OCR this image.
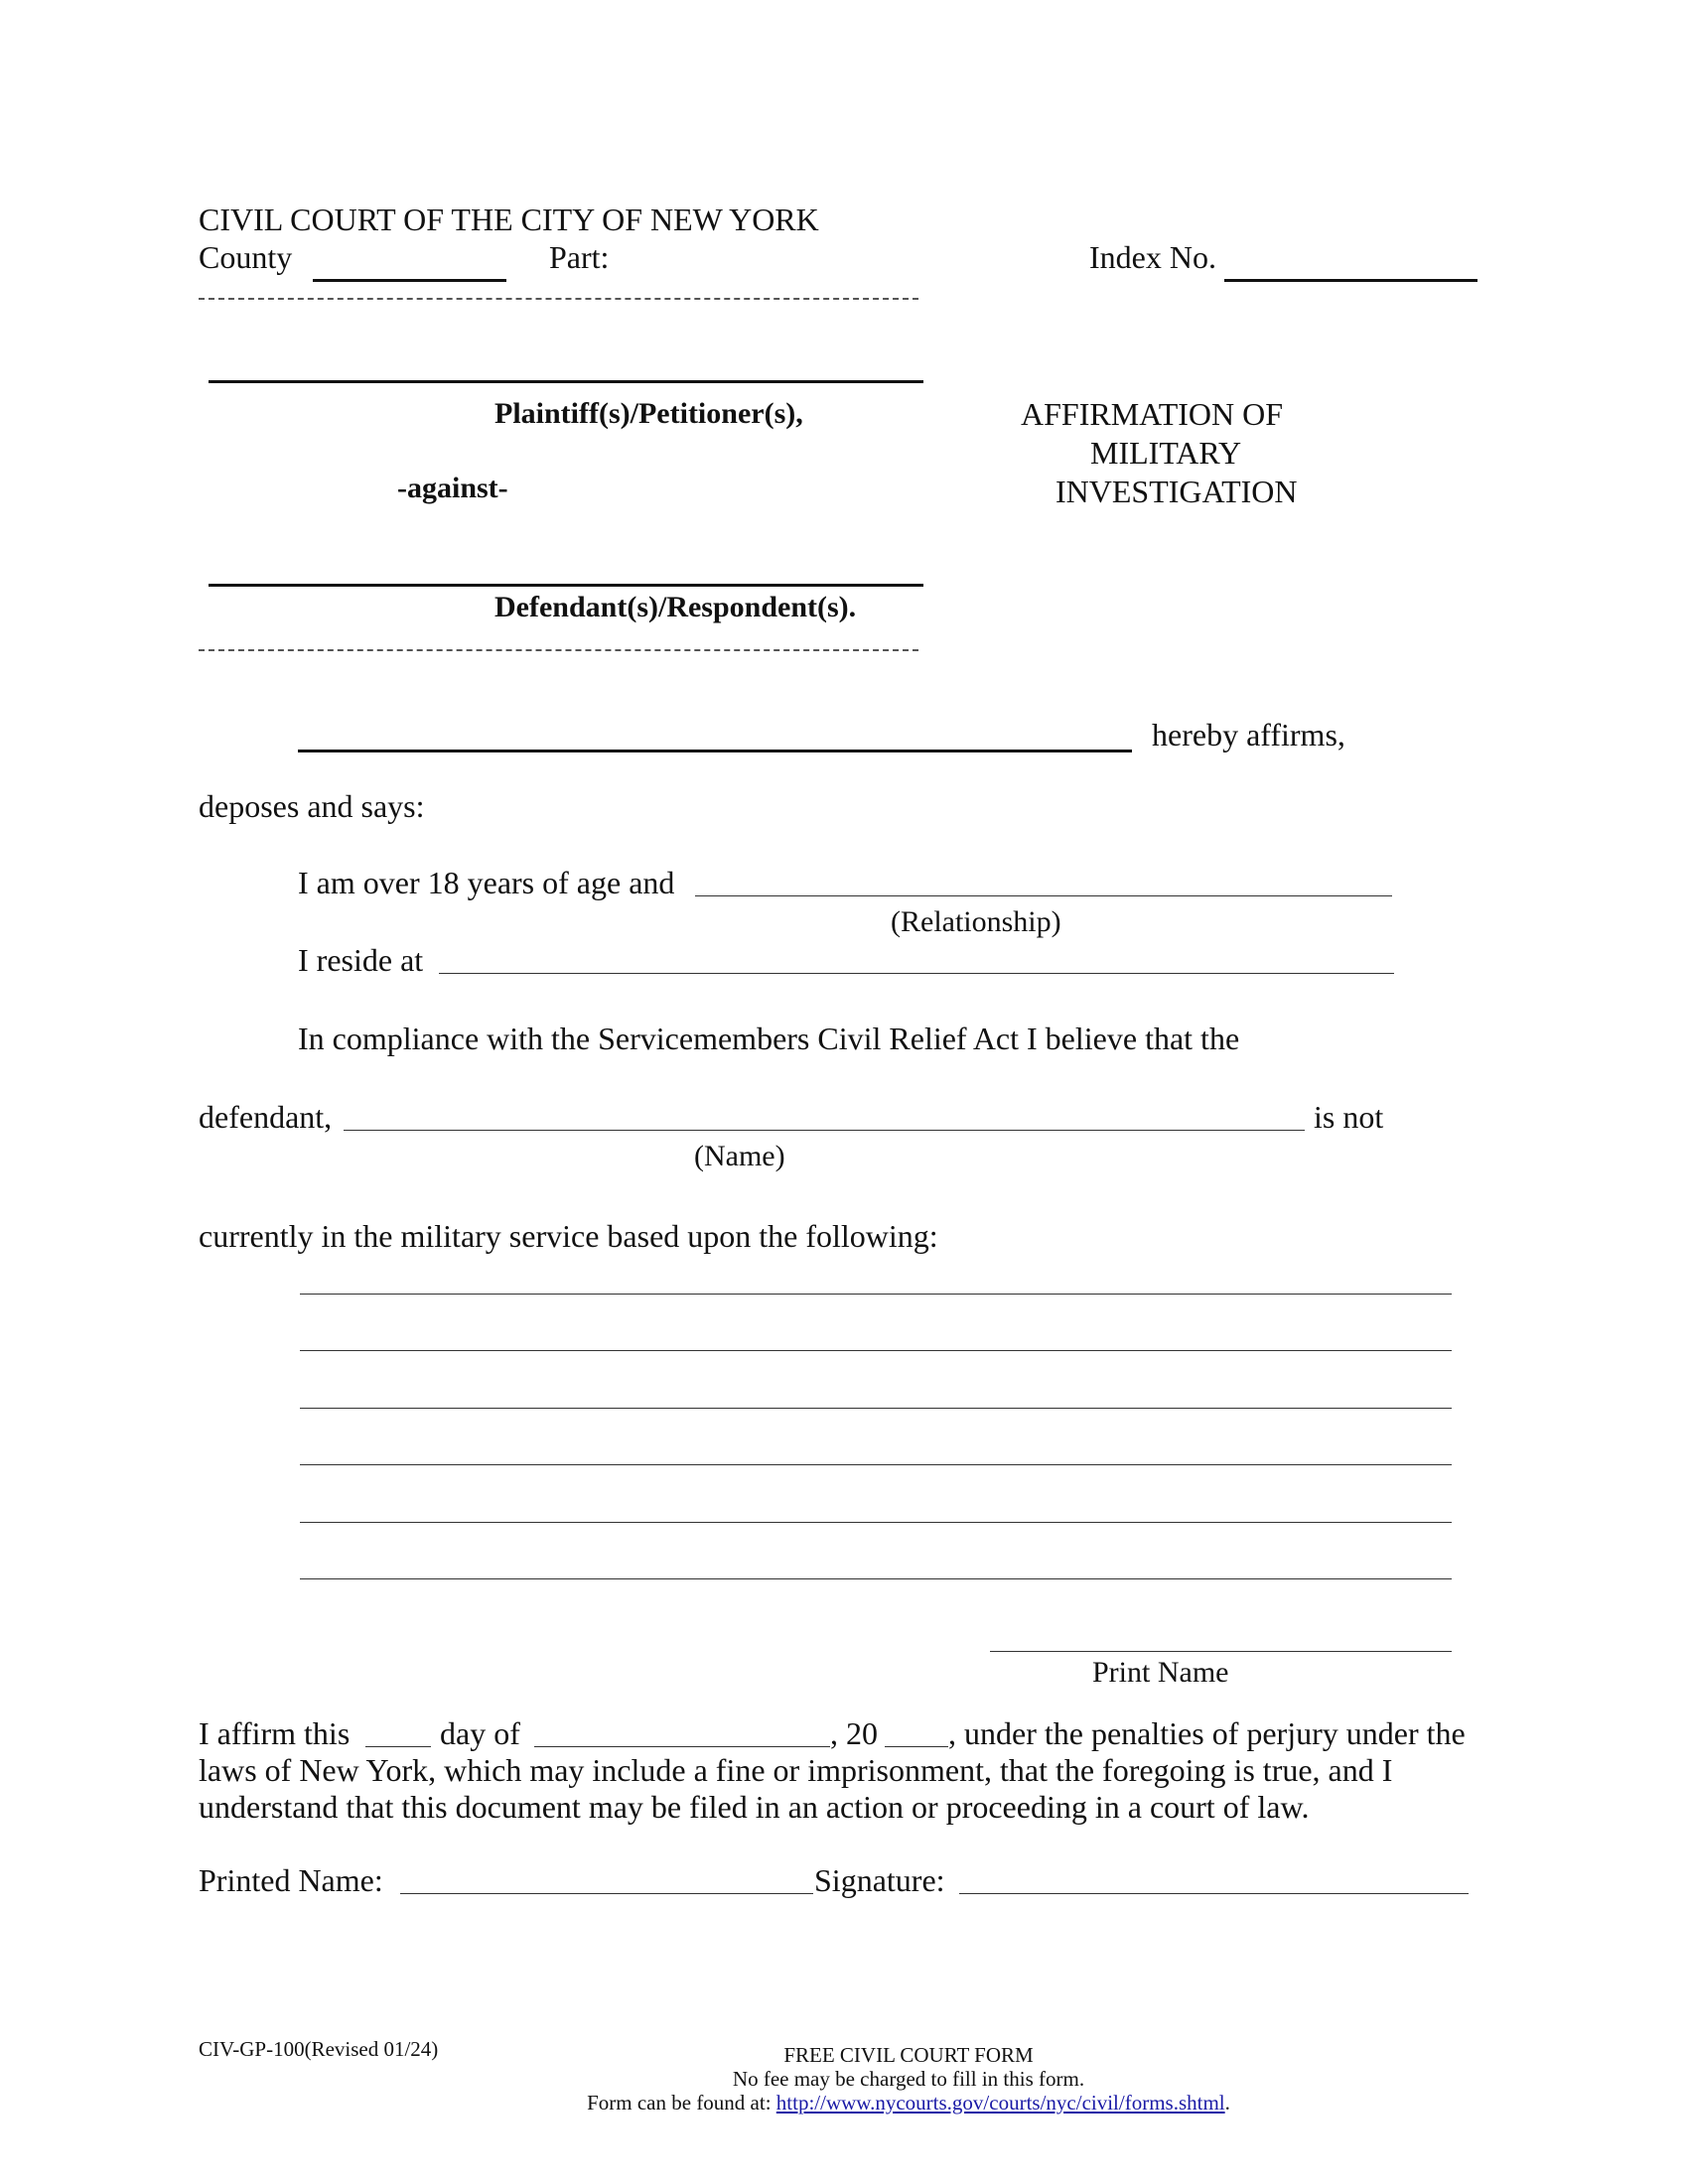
CIVIL COURT OF THE CITY OF NEW YORK
County	Part:	Index No.
Plaintiff(s)/Petitioner(s),
-against-
Defendant(s)/Respondent(s).
AFFIRMATION OF
MILITARY
INVESTIGATION
hereby affirms,
deposes and says:
I am over 18 years of age and
(Relationship)
I reside at
In compliance with the Servicemembers Civil Relief Act I believe that the
defendant,	is not
(Name)
currently in the military service based upon the following:
Print Name
I affirm this	day of	, 20 , under the penalties of perjury under the
laws of New York, which may include a fine or imprisonment, that the foregoing is true, and I
understand that this document may be filed in an action or proceeding in a court of law.
Printed Name:	Signature:
CIV-GP-100(Revised 01/24)	FREE CIVIL COURT FORM
No fee may be charged to fill in this form.
Form can be found at: http://www.nycourts.gov/courts/nyc/civil/forms.shtml.
